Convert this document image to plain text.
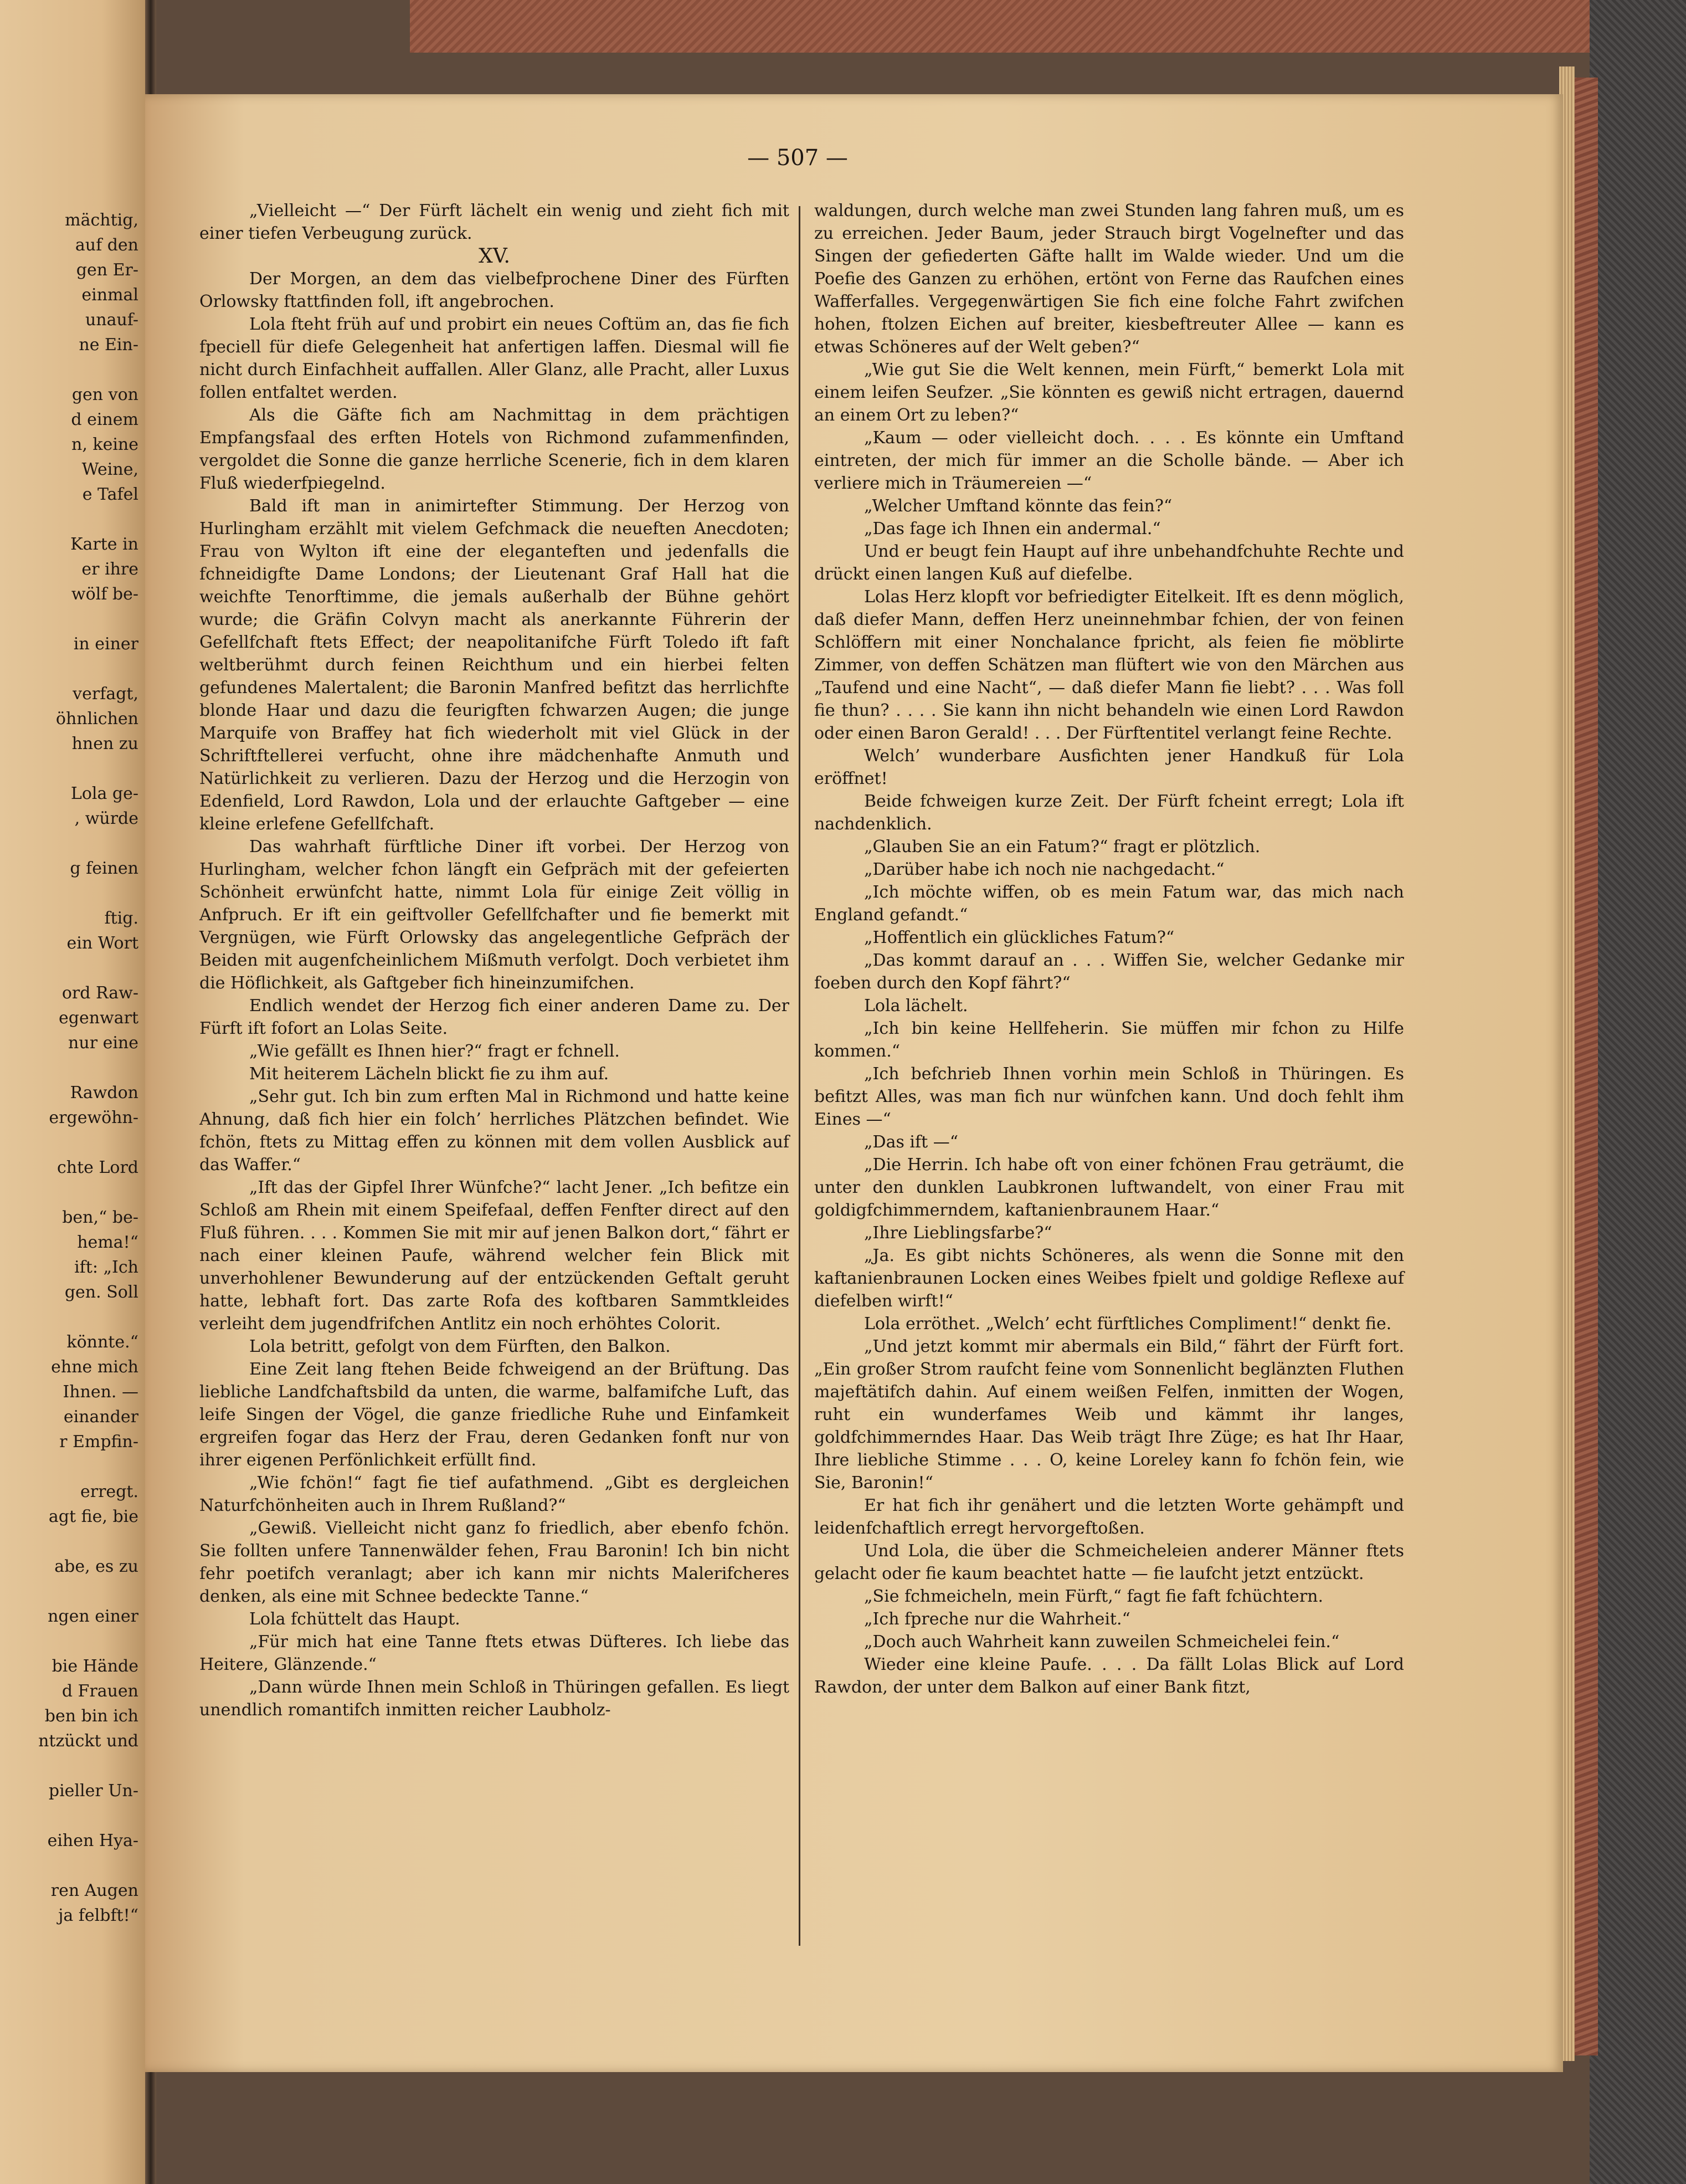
mächtig,
auf den
gen Er-
einmal
unauf-
ne Ein-
gen von
d einem
n, keine
Weine,
e Tafel
Karte in
er ihre
wölf be-
in einer
verfagt,
öhnlichen
hnen zu
Lola ge-
, würde
g feinen
ftig.
ein Wort
ord Raw-
egenwart
nur eine
Rawdon
ergewöhn-
chte Lord
ben,“ be-
hema!“
ift: „Ich
gen. Soll
könnte.“
ehne mich
Ihnen. —
einander
r Empfin-
erregt.
agt fie, bie
abe, es zu
ngen einer
bie Hände
d Frauen
ben bin ich
ntzückt und
pieller Un-
eihen Hya-
ren Augen
ja felbft!“
— 507 —

„Vielleicht —“ Der Fürft lächelt ein wenig und zieht fich mit einer tiefen Verbeugung zurück.

XV.

Der Morgen, an dem das vielbefprochene Diner des Fürften Orlowsky ftattfinden foll, ift angebrochen.

Lola fteht früh auf und probirt ein neues Coftüm an, das fie fich fpeciell für diefe Gelegenheit hat anfertigen laffen. Diesmal will fie nicht durch Einfachheit auffallen. Aller Glanz, alle Pracht, aller Luxus follen entfaltet werden.

Als die Gäfte fich am Nachmittag in dem prächtigen Empfangsfaal des erften Hotels von Richmond zufammenfinden, vergoldet die Sonne die ganze herrliche Scenerie, fich in dem klaren Fluß wiederfpiegelnd.

Bald ift man in animirtefter Stimmung. Der Herzog von Hurlingham erzählt mit vielem Gefchmack die neueften Anecdoten; Frau von Wylton ift eine der eleganteften und jedenfalls die fchneidigfte Dame Londons; der Lieutenant Graf Hall hat die weichfte Tenorftimme, die jemals außerhalb der Bühne gehört wurde; die Gräfin Colvyn macht als anerkannte Führerin der Gefellfchaft ftets Effect; der neapolitanifche Fürft Toledo ift faft weltberühmt durch feinen Reichthum und ein hierbei felten gefundenes Malertalent; die Baronin Manfred befitzt das herrlichfte blonde Haar und dazu die feurigften fchwarzen Augen; die junge Marquife von Braffey hat fich wiederholt mit viel Glück in der Schriftftellerei verfucht, ohne ihre mädchenhafte Anmuth und Natürlichkeit zu verlieren. Dazu der Herzog und die Herzogin von Edenfield, Lord Rawdon, Lola und der erlauchte Gaftgeber — eine kleine erlefene Gefellfchaft.

Das wahrhaft fürftliche Diner ift vorbei. Der Herzog von Hurlingham, welcher fchon längft ein Gefpräch mit der gefeierten Schönheit erwünfcht hatte, nimmt Lola für einige Zeit völlig in Anfpruch. Er ift ein geiftvoller Gefellfchafter und fie bemerkt mit Vergnügen, wie Fürft Orlowsky das angelegentliche Gefpräch der Beiden mit augenfcheinlichem Mißmuth verfolgt. Doch verbietet ihm die Höflichkeit, als Gaftgeber fich hineinzumifchen.

Endlich wendet der Herzog fich einer anderen Dame zu. Der Fürft ift fofort an Lolas Seite.

„Wie gefällt es Ihnen hier?“ fragt er fchnell.

Mit heiterem Lächeln blickt fie zu ihm auf.

„Sehr gut. Ich bin zum erften Mal in Richmond und hatte keine Ahnung, daß fich hier ein folch’ herrliches Plätzchen befindet. Wie fchön, ftets zu Mittag effen zu können mit dem vollen Ausblick auf das Waffer.“

„Ift das der Gipfel Ihrer Wünfche?“ lacht Jener. „Ich befitze ein Schloß am Rhein mit einem Speifefaal, deffen Fenfter direct auf den Fluß führen. . . . Kommen Sie mit mir auf jenen Balkon dort,“ fährt er nach einer kleinen Paufe, während welcher fein Blick mit unverhohlener Bewunderung auf der entzückenden Geftalt geruht hatte, lebhaft fort. Das zarte Rofa des koftbaren Sammtkleides verleiht dem jugendfrifchen Antlitz ein noch erhöhtes Colorit.

Lola betritt, gefolgt von dem Fürften, den Balkon.

Eine Zeit lang ftehen Beide fchweigend an der Brüftung. Das liebliche Landfchaftsbild da unten, die warme, balfamifche Luft, das leife Singen der Vögel, die ganze friedliche Ruhe und Einfamkeit ergreifen fogar das Herz der Frau, deren Gedanken fonft nur von ihrer eigenen Perfönlichkeit erfüllt find.

„Wie fchön!“ fagt fie tief aufathmend. „Gibt es dergleichen Naturfchönheiten auch in Ihrem Rußland?“

„Gewiß. Vielleicht nicht ganz fo friedlich, aber ebenfo fchön. Sie follten unfere Tannenwälder fehen, Frau Baronin! Ich bin nicht fehr poetifch veranlagt; aber ich kann mir nichts Malerifcheres denken, als eine mit Schnee bedeckte Tanne.“

Lola fchüttelt das Haupt.

„Für mich hat eine Tanne ftets etwas Düfteres. Ich liebe das Heitere, Glänzende.“

„Dann würde Ihnen mein Schloß in Thüringen gefallen. Es liegt unendlich romantifch inmitten reicher Laubholz-

waldungen, durch welche man zwei Stunden lang fahren muß, um es zu erreichen. Jeder Baum, jeder Strauch birgt Vogelnefter und das Singen der gefiederten Gäfte hallt im Walde wieder. Und um die Poefie des Ganzen zu erhöhen, ertönt von Ferne das Raufchen eines Wafferfalles. Vergegenwärtigen Sie fich eine folche Fahrt zwifchen hohen, ftolzen Eichen auf breiter, kiesbeftreuter Allee — kann es etwas Schöneres auf der Welt geben?“

„Wie gut Sie die Welt kennen, mein Fürft,“ bemerkt Lola mit einem leifen Seufzer. „Sie könnten es gewiß nicht ertragen, dauernd an einem Ort zu leben?“

„Kaum — oder vielleicht doch. . . . Es könnte ein Umftand eintreten, der mich für immer an die Scholle bände. — Aber ich verliere mich in Träumereien —“

„Welcher Umftand könnte das fein?“

„Das fage ich Ihnen ein andermal.“

Und er beugt fein Haupt auf ihre unbehandfchuhte Rechte und drückt einen langen Kuß auf diefelbe.

Lolas Herz klopft vor befriedigter Eitelkeit. Ift es denn möglich, daß diefer Mann, deffen Herz uneinnehmbar fchien, der von feinen Schlöffern mit einer Nonchalance fpricht, als feien fie möblirte Zimmer, von deffen Schätzen man flüftert wie von den Märchen aus „Taufend und eine Nacht“, — daß diefer Mann fie liebt? . . . Was foll fie thun? . . . . Sie kann ihn nicht behandeln wie einen Lord Rawdon oder einen Baron Gerald! . . . Der Fürftentitel verlangt feine Rechte.

Welch’ wunderbare Ausfichten jener Handkuß für Lola eröffnet!

Beide fchweigen kurze Zeit. Der Fürft fcheint erregt; Lola ift nachdenklich.

„Glauben Sie an ein Fatum?“ fragt er plötzlich.

„Darüber habe ich noch nie nachgedacht.“

„Ich möchte wiffen, ob es mein Fatum war, das mich nach England gefandt.“

„Hoffentlich ein glückliches Fatum?“

„Das kommt darauf an . . . Wiffen Sie, welcher Gedanke mir foeben durch den Kopf fährt?“

Lola lächelt.

„Ich bin keine Hellfeherin. Sie müffen mir fchon zu Hilfe kommen.“

„Ich befchrieb Ihnen vorhin mein Schloß in Thüringen. Es befitzt Alles, was man fich nur wünfchen kann. Und doch fehlt ihm Eines —“

„Das ift —“

„Die Herrin. Ich habe oft von einer fchönen Frau geträumt, die unter den dunklen Laubkronen luftwandelt, von einer Frau mit goldigfchimmerndem, kaftanienbraunem Haar.“

„Ihre Lieblingsfarbe?“

„Ja. Es gibt nichts Schöneres, als wenn die Sonne mit den kaftanienbraunen Locken eines Weibes fpielt und goldige Reflexe auf diefelben wirft!“

Lola erröthet. „Welch’ echt fürftliches Compliment!“ denkt fie.

„Und jetzt kommt mir abermals ein Bild,“ fährt der Fürft fort. „Ein großer Strom raufcht feine vom Sonnenlicht beglänzten Fluthen majeftätifch dahin. Auf einem weißen Felfen, inmitten der Wogen, ruht ein wunderfames Weib und kämmt ihr langes, goldfchimmerndes Haar. Das Weib trägt Ihre Züge; es hat Ihr Haar, Ihre liebliche Stimme . . . O, keine Loreley kann fo fchön fein, wie Sie, Baronin!“

Er hat fich ihr genähert und die letzten Worte gehämpft und leidenfchaftlich erregt hervorgeftoßen.

Und Lola, die über die Schmeicheleien anderer Männer ftets gelacht oder fie kaum beachtet hatte — fie laufcht jetzt entzückt.

„Sie fchmeicheln, mein Fürft,“ fagt fie faft fchüchtern.

„Ich fpreche nur die Wahrheit.“

„Doch auch Wahrheit kann zuweilen Schmeichelei fein.“

Wieder eine kleine Paufe. . . . Da fällt Lolas Blick auf Lord Rawdon, der unter dem Balkon auf einer Bank fitzt,
